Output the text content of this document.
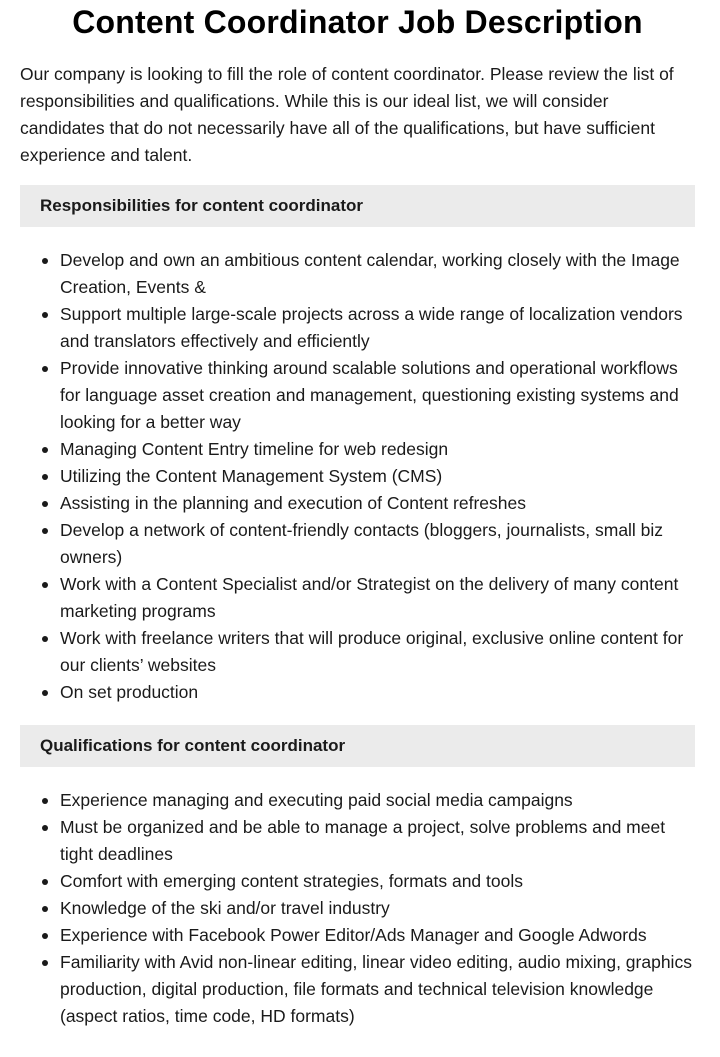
Content Coordinator Job Description

Our company is looking to fill the role of content coordinator. Please review the list of responsibilities and qualifications. While this is our ideal list, we will consider candidates that do not necessarily have all of the qualifications, but have sufficient experience and talent.

Responsibilities for content coordinator
Develop and own an ambitious content calendar, working closely with the Image Creation, Events &
Support multiple large-scale projects across a wide range of localization vendors and translators effectively and efficiently
Provide innovative thinking around scalable solutions and operational workflows for language asset creation and management, questioning existing systems and looking for a better way
Managing Content Entry timeline for web redesign
Utilizing the Content Management System (CMS)
Assisting in the planning and execution of Content refreshes
Develop a network of content-friendly contacts (bloggers, journalists, small biz owners)
Work with a Content Specialist and/or Strategist on the delivery of many content marketing programs
Work with freelance writers that will produce original, exclusive online content for our clients’ websites
On set production
Qualifications for content coordinator
Experience managing and executing paid social media campaigns
Must be organized and be able to manage a project, solve problems and meet tight deadlines
Comfort with emerging content strategies, formats and tools
Knowledge of the ski and/or travel industry
Experience with Facebook Power Editor/Ads Manager and Google Adwords
Familiarity with Avid non-linear editing, linear video editing, audio mixing, graphics production, digital production, file formats and technical television knowledge (aspect ratios, time code, HD formats)
